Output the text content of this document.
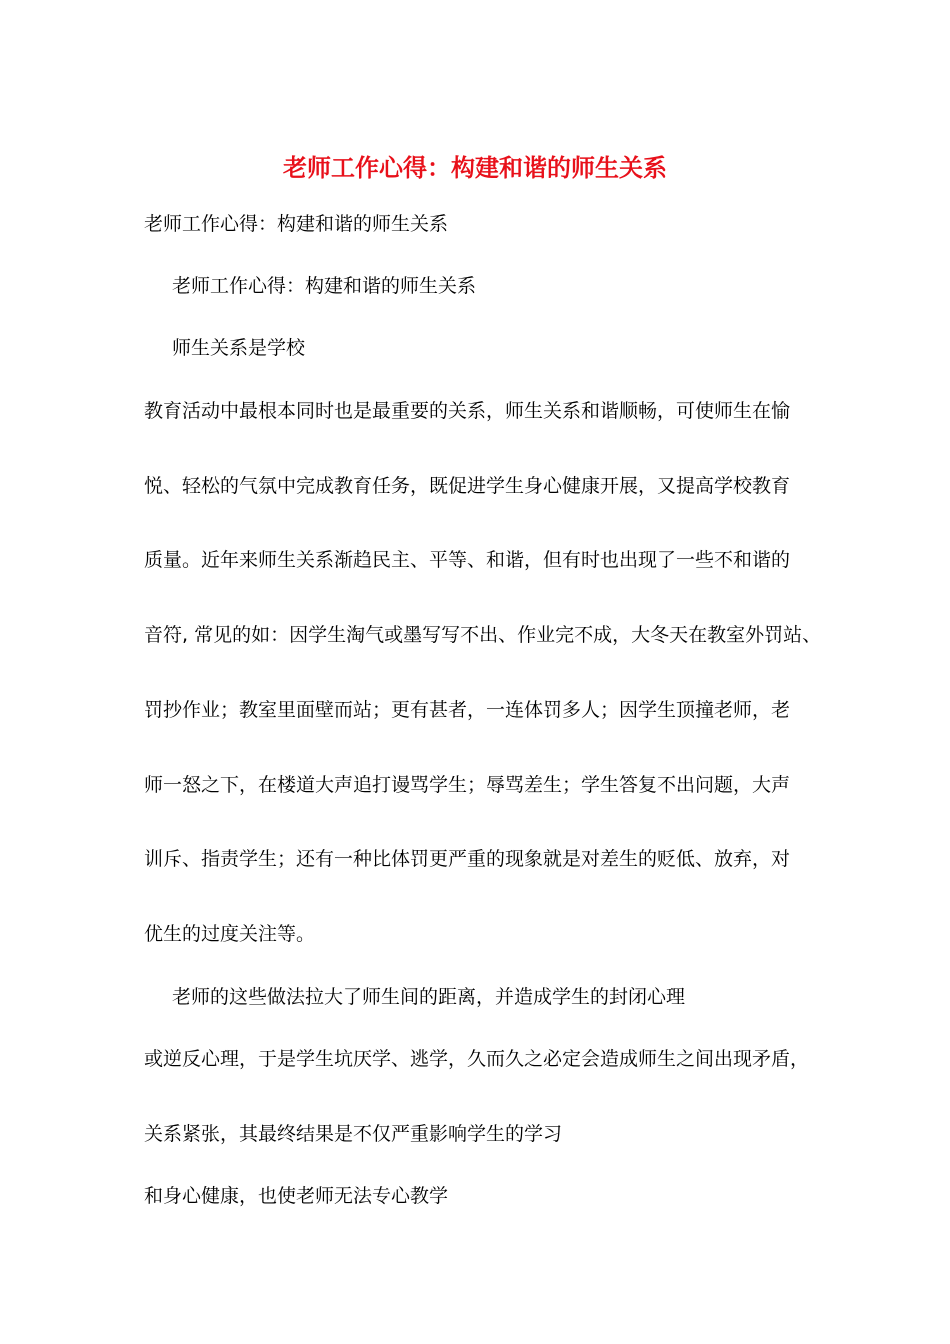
老师工作心得：构建和谐的师生关系
老师工作心得：构建和谐的师生关系
老师工作心得：构建和谐的师生关系
师生关系是学校
教育活动中最根本同时也是最重要的关系，师生关系和谐顺畅，可使师生在愉
悦、轻松的气氛中完成教育任务，既促进学生身心健康开展，又提高学校教育
质量。近年来师生关系渐趋民主、平等、和谐，但有时也出现了一些不和谐的
音符, 常见的如：因学生淘气或墨写写不出、作业完不成，大冬天在教室外罚站、
罚抄作业；教室里面壁而站；更有甚者，一连体罚多人；因学生顶撞老师，老
师一怒之下，在楼道大声追打谩骂学生；辱骂差生；学生答复不出问题，大声
训斥、指责学生；还有一种比体罚更严重的现象就是对差生的贬低、放弃，对
优生的过度关注等。
老师的这些做法拉大了师生间的距离，并造成学生的封闭心理
或逆反心理，于是学生坑厌学、逃学，久而久之必定会造成师生之间出现矛盾，
关系紧张，其最终结果是不仅严重影响学生的学习
和身心健康，也使老师无法专心教学
